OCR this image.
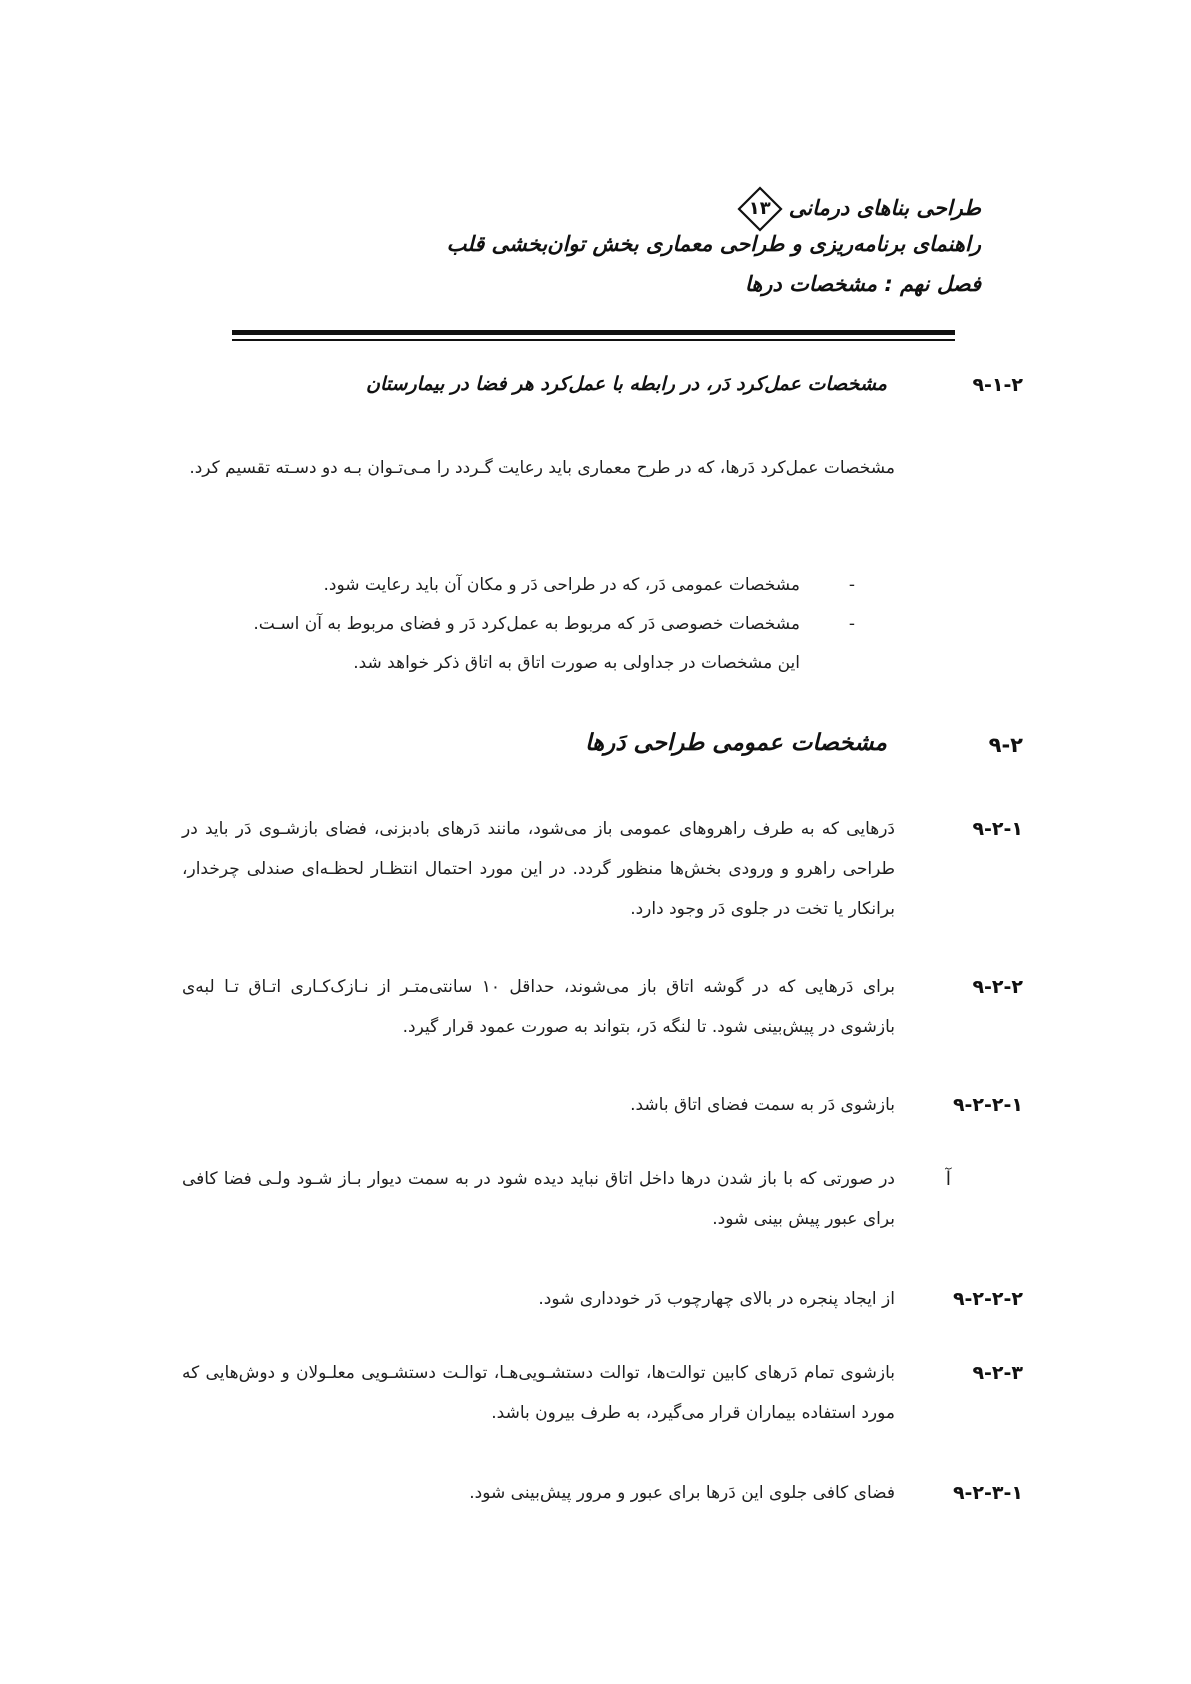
طراحی بناهای درمانی
۱۳
راهنمای برنامه‌ریزی و طراحی معماری بخش توان‌بخشی قلب
فصل نهم : مشخصات درها
۹-۱-۲
مشخصات عمل‌کرد دَر، در رابطه با عمل‌کرد هر فضا در بیمارستان
مشخصات عمل‌کرد دَرها، که در طرح معماری باید رعایت گـردد را مـی‌تـوان بـه دو دسـته تقسیم کرد.
-
مشخصات عمومی دَر، که در طراحی دَر و مکان آن باید رعایت شود.
-
مشخصات خصوصی دَر که مربوط به عمل‌کرد دَر و فضای مربوط به آن اسـت.
این مشخصات در جداولی به صورت اتاق به اتاق ذکر خواهد شد.
۹-۲
مشخصات عمومی طراحی دَرها
۹-۲-۱
دَرهایی که به طرف راهروهای عمومی باز می‌شود، مانند دَرهای بادبزنی، فضای بازشـوی دَر باید در طراحی راهرو و ورودی بخش‌ها منظور گردد. در این مورد احتمال انتظـار لحظـه‌ای صندلی چرخدار، برانکار یا تخت در جلوی دَر وجود دارد.
۹-۲-۲
برای دَرهایی که در گوشه اتاق باز می‌شوند، حداقل ۱۰ سانتی‌متـر از نـازک‌کـاری اتـاق تـا لبه‌ی بازشوی در پیش‌بینی شود. تا لنگه دَر، بتواند به صورت عمود قرار گیرد.
۹-۲-۲-۱
بازشوی دَر به سمت فضای اتاق باشد.
آ
در صورتی که با باز شدن درها داخل اتاق نباید دیده شود در به سمت دیوار بـاز شـود ولـی فضا کافی برای عبور پیش بینی شود.
۹-۲-۲-۲
از ایجاد پنجره در بالای چهارچوب دَر خودداری شود.
۹-۲-۳
بازشوی تمام دَرهای کابین توالت‌ها، توالت دستشـویی‌هـا، توالـت دستشـویی معلـولان و دوش‌هایی که مورد استفاده بیماران قرار می‌گیرد، به طرف بیرون باشد.
۹-۲-۳-۱
فضای کافی جلوی این دَرها برای عبور و مرور پیش‌بینی شود.
